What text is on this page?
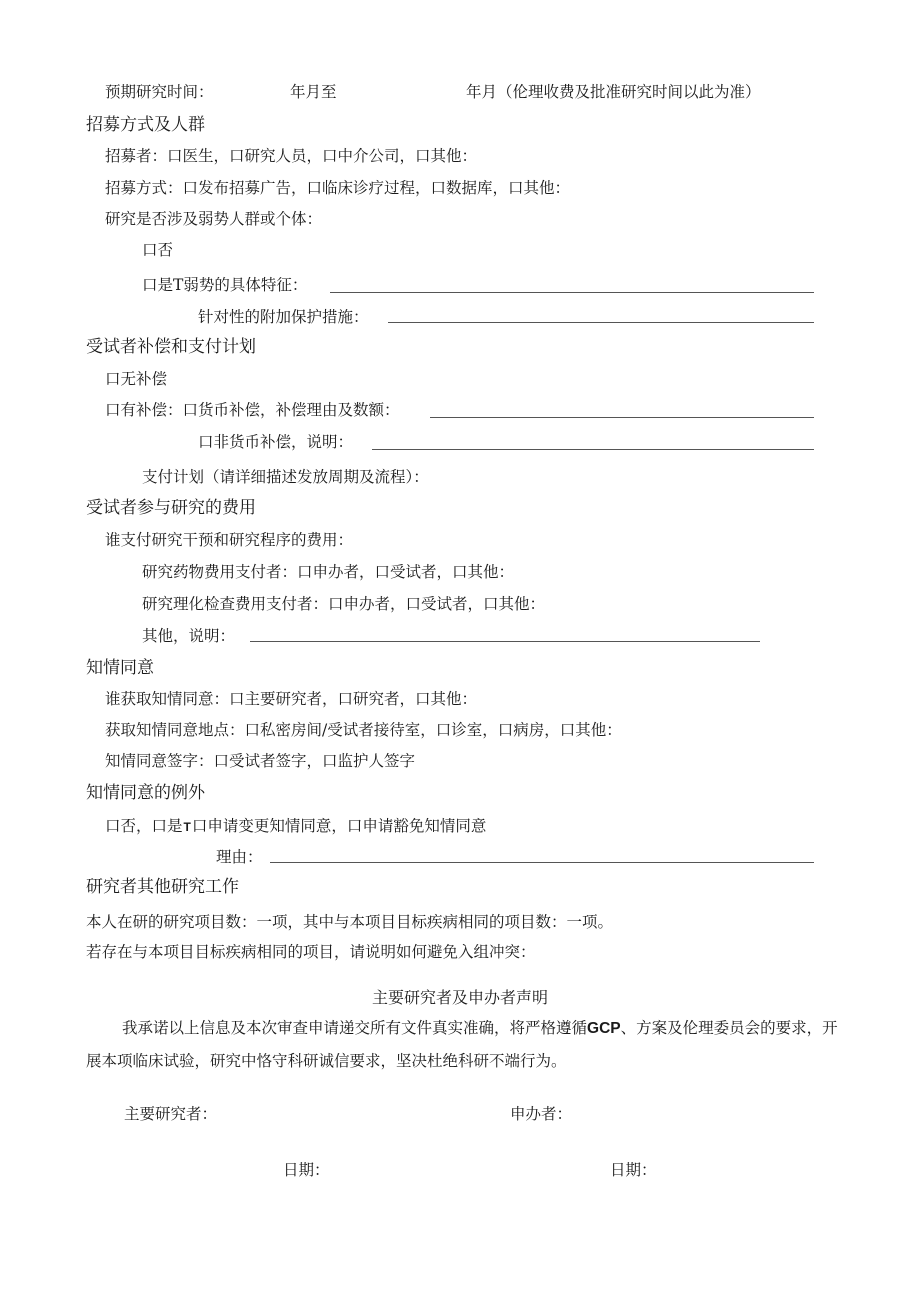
预期研究时间：	年月至	年月（伦理收费及批准研究时间以此为准）
招募方式及人群
招募者：口医生，口研究人员，口中介公司，口其他：
招募方式：口发布招募广告，口临床诊疗过程，口数据库，口其他：
研究是否涉及弱势人群或个体：
口否
口是T弱势的具体特征：
针对性的附加保护措施：
受试者补偿和支付计划
口无补偿
口有补偿：口货币补偿，补偿理由及数额：
口非货币补偿，说明：
支付计划（请详细描述发放周期及流程）：
受试者参与研究的费用
谁支付研究干预和研究程序的费用：
研究药物费用支付者：口申办者，口受试者，口其他：
研究理化检查费用支付者：口申办者，口受试者，口其他：
其他，说明：
知情同意
谁获取知情同意：口主要研究者，口研究者，口其他：
获取知情同意地点：口私密房间/受试者接待室，口诊室，口病房，口其他：
知情同意签字：口受试者签字，口监护人签字
知情同意的例外
口否，口是T口申请变更知情同意，口申请豁免知情同意
理由：
研究者其他研究工作
本人在研的研究项目数：一项，其中与本项目目标疾病相同的项目数：一项。
若存在与本项目目标疾病相同的项目，请说明如何避免入组冲突：
主要研究者及申办者声明
我承诺以上信息及本次审查申请递交所有文件真实准确，将严格遵循GCP、方案及伦理委员会的要求，开展本项临床试验，研究中恪守科研诚信要求，坚决杜绝科研不端行为。
主要研究者：	申办者：
日期：	日期：
